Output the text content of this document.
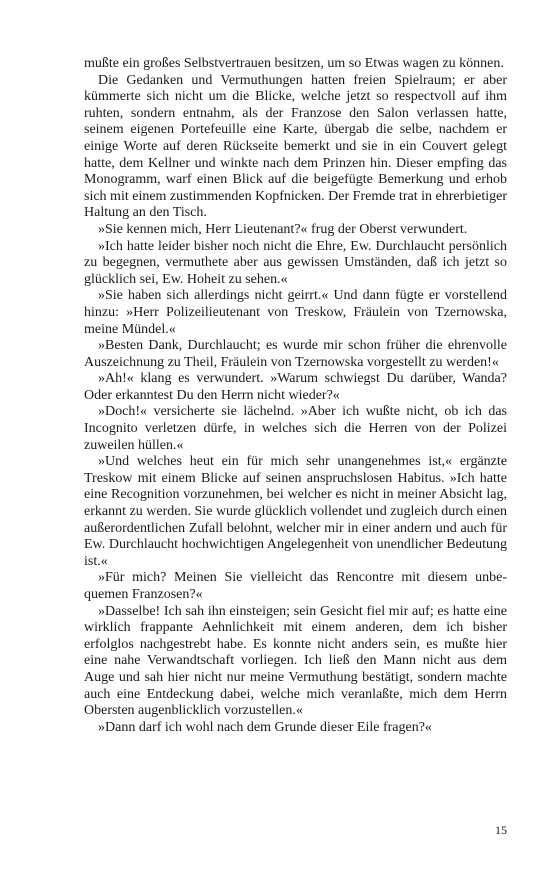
mußte ein großes Selbstvertrauen besitzen, um so Etwas wagen zu können.

Die Gedanken und Vermuthungen hatten freien Spielraum; er aber kümmerte sich nicht um die Blicke, welche jetzt so respectvoll auf ihm ruhten, sondern entnahm, als der Franzose den Salon verlassen hatte, seinem eigenen Portefeuille eine Karte, übergab die selbe, nachdem er einige Worte auf deren Rückseite bemerkt und sie in ein Couvert gelegt hatte, dem Kellner und winkte nach dem Prinzen hin. Dieser empfing das Monogramm, warf einen Blick auf die beigefügte Bemerkung und erhob sich mit einem zustimmenden Kopfnicken. Der Fremde trat in ehrerbietiger Haltung an den Tisch.

»Sie kennen mich, Herr Lieutenant?« frug der Oberst verwundert.

»Ich hatte leider bisher noch nicht die Ehre, Ew. Durchlaucht persönlich zu begegnen, vermuthete aber aus gewissen Umständen, daß ich jetzt so glücklich sei, Ew. Hoheit zu sehen.«

»Sie haben sich allerdings nicht geirrt.« Und dann fügte er vorstellend hinzu: »Herr Polizeilieutenant von Treskow, Fräulein von Tzernowska, meine Mündel.«

»Besten Dank, Durchlaucht; es wurde mir schon früher die ehrenvolle Auszeichnung zu Theil, Fräulein von Tzernowska vorgestellt zu werden!«

»Ah!« klang es verwundert. »Warum schwiegst Du darüber, Wanda? Oder erkanntest Du den Herrn nicht wieder?«

»Doch!« versicherte sie lächelnd. »Aber ich wußte nicht, ob ich das Incognito verletzen dürfe, in welches sich die Herren von der Polizei zuweilen hüllen.«

»Und welches heut ein für mich sehr unangenehmes ist,« ergänzte Treskow mit einem Blicke auf seinen anspruchslosen Habitus. »Ich hatte eine Recognition vorzunehmen, bei welcher es nicht in meiner Absicht lag, erkannt zu werden. Sie wurde glücklich vollendet und zugleich durch einen außerordentlichen Zufall belohnt, welcher mir in einer andern und auch für Ew. Durchlaucht hochwichtigen Angelegenheit von unendlicher Bedeutung ist.«

»Für mich? Meinen Sie vielleicht das Rencontre mit diesem unbequemen Franzosen?«

»Dasselbe! Ich sah ihn einsteigen; sein Gesicht fiel mir auf; es hatte eine wirklich frappante Aehnlichkeit mit einem anderen, dem ich bisher erfolglos nachgestrebt habe. Es konnte nicht anders sein, es mußte hier eine nahe Verwandtschaft vorliegen. Ich ließ den Mann nicht aus dem Auge und sah hier nicht nur meine Vermuthung bestätigt, sondern machte auch eine Entdeckung dabei, welche mich veranlaßte, mich dem Herrn Obersten augenblicklich vorzustellen.«

»Dann darf ich wohl nach dem Grunde dieser Eile fragen?«

15
